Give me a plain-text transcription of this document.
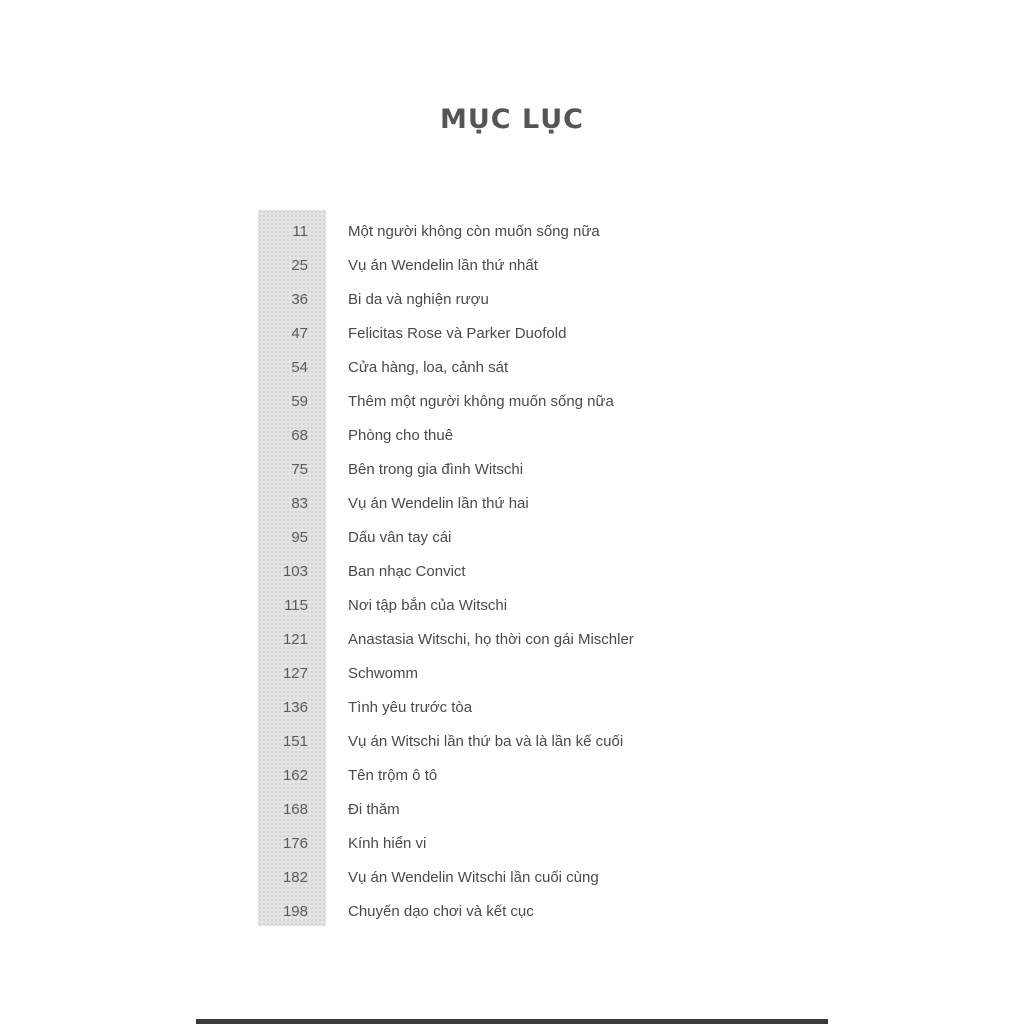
MỤC LỤC
11	Một người không còn muốn sống nữa
25	Vụ án Wendelin lần thứ nhất
36	Bi da và nghiện rượu
47	Felicitas Rose và Parker Duofold
54	Cửa hàng, loa, cảnh sát
59	Thêm một người không muốn sống nữa
68	Phòng cho thuê
75	Bên trong gia đình Witschi
83	Vụ án Wendelin lần thứ hai
95	Dấu vân tay cái
103	Ban nhạc Convict
115	Nơi tập bắn của Witschi
121	Anastasia Witschi, họ thời con gái Mischler
127	Schwomm
136	Tình yêu trước tòa
151	Vụ án Witschi lần thứ ba và là lần kế cuối
162	Tên trộm ô tô
168	Đi thăm
176	Kính hiển vi
182	Vụ án Wendelin Witschi lần cuối cùng
198	Chuyến dạo chơi và kết cục
